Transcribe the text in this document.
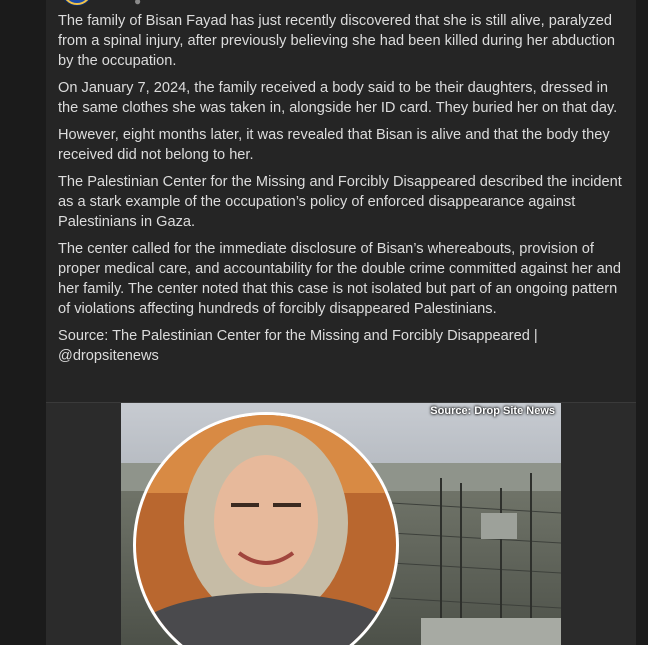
●

The family of Bisan Fayad has just recently discovered that she is still alive, paralyzed from a spinal injury, after previously believing she had been killed during her abduction by the occupation.

On January 7, 2024, the family received a body said to be their daughters, dressed in the same clothes she was taken in, alongside her ID card. They buried her on that day.

However, eight months later, it was revealed that Bisan is alive and that the body they received did not belong to her.

The Palestinian Center for the Missing and Forcibly Disappeared described the incident as a stark example of the occupation’s policy of enforced disappearance against Palestinians in Gaza.

The center called for the immediate disclosure of Bisan’s whereabouts, provision of proper medical care, and accountability for the double crime committed against her and her family. The center noted that this case is not isolated but part of an ongoing pattern of violations affecting hundreds of forcibly disappeared Palestinians.

Source: The Palestinian Center for the Missing and Forcibly Disappeared | @dropsitenews

Source: Drop Site News
